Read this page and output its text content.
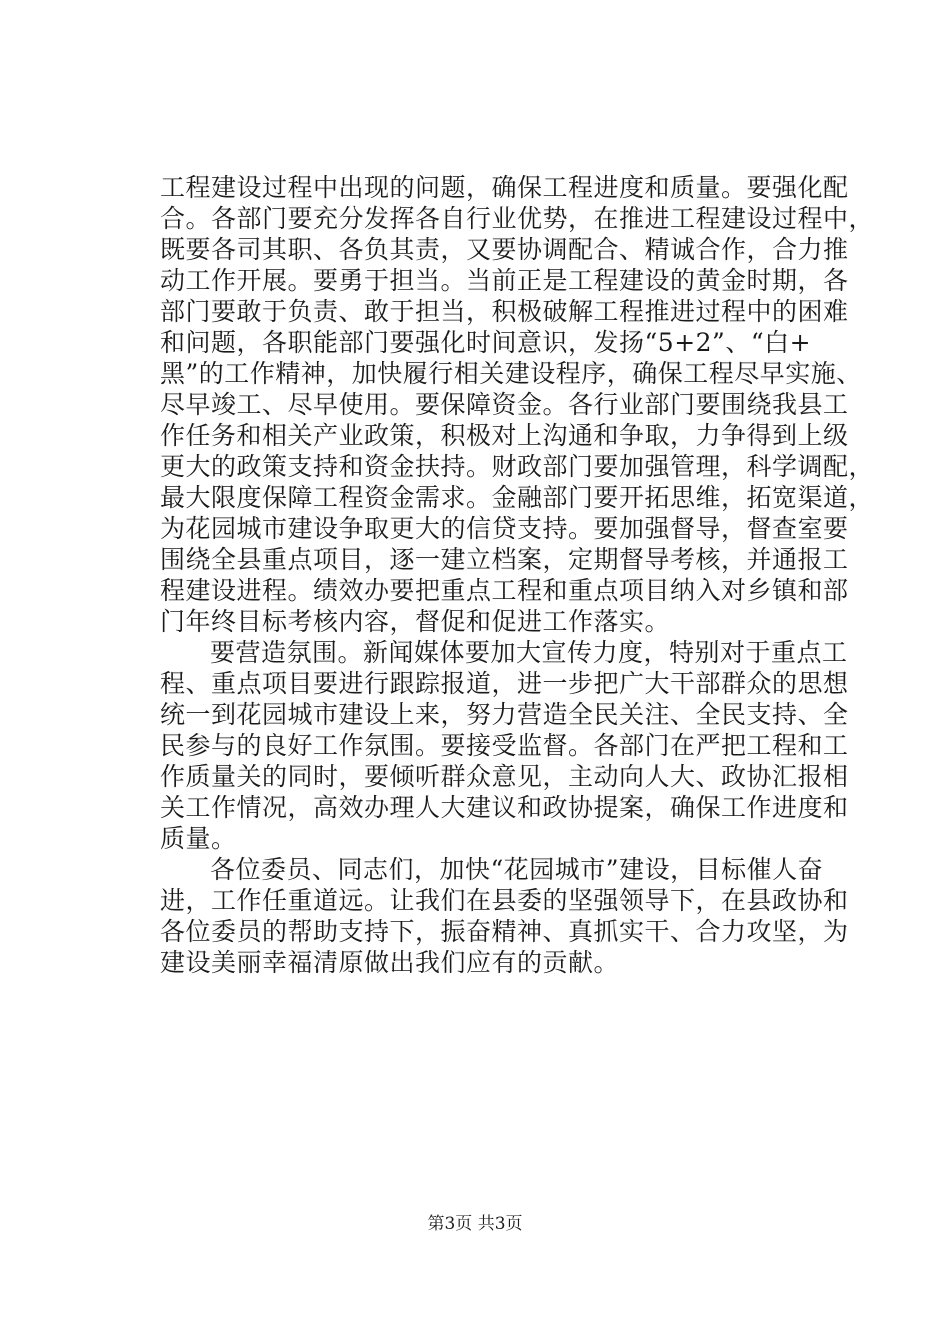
工程建设过程中出现的问题，确保工程进度和质量。要强化配
合。各部门要充分发挥各自行业优势，在推进工程建设过程中，
既要各司其职、各负其责，又要协调配合、精诚合作，合力推
动工作开展。要勇于担当。当前正是工程建设的黄金时期，各
部门要敢于负责、敢于担当，积极破解工程推进过程中的困难
和问题，各职能部门要强化时间意识，发扬“5+2”、“白+
黑”的工作精神，加快履行相关建设程序，确保工程尽早实施、
尽早竣工、尽早使用。要保障资金。各行业部门要围绕我县工
作任务和相关产业政策，积极对上沟通和争取，力争得到上级
更大的政策支持和资金扶持。财政部门要加强管理，科学调配，
最大限度保障工程资金需求。金融部门要开拓思维，拓宽渠道，
为花园城市建设争取更大的信贷支持。要加强督导，督查室要
围绕全县重点项目，逐一建立档案，定期督导考核，并通报工
程建设进程。绩效办要把重点工程和重点项目纳入对乡镇和部
门年终目标考核内容，督促和促进工作落实。
要营造氛围。新闻媒体要加大宣传力度，特别对于重点工
程、重点项目要进行跟踪报道，进一步把广大干部群众的思想
统一到花园城市建设上来，努力营造全民关注、全民支持、全
民参与的良好工作氛围。要接受监督。各部门在严把工程和工
作质量关的同时，要倾听群众意见，主动向人大、政协汇报相
关工作情况，高效办理人大建议和政协提案，确保工作进度和
质量。
各位委员、同志们，加快“花园城市”建设，目标催人奋
进，工作任重道远。让我们在县委的坚强领导下，在县政协和
各位委员的帮助支持下，振奋精神、真抓实干、合力攻坚，为
建设美丽幸福清原做出我们应有的贡献。
第3页 共3页
